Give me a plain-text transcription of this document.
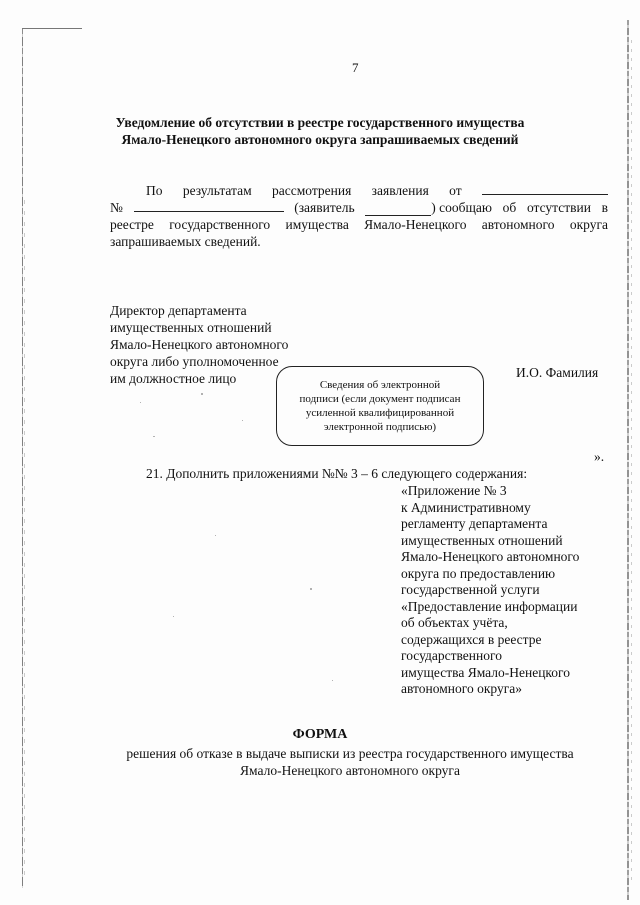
7
Уведомление об отсутствии в реестре государственного имущества
Ямало-Ненецкого автономного округа запрашиваемых сведений
По результатам рассмотрения заявления от
№	(заявитель	) сообщаю об отсутствии в
реестре государственного имущества Ямало-Ненецкого автономного округа
запрашиваемых сведений.
Директор департамента
имущественных отношений
Ямало-Ненецкого автономного
округа либо уполномоченное
им должностное лицо	Сведения об электронной
подписи (если документ подписан
усиленной квалифицированной
электронной подписью)
И.О. Фамилия
».
21. Дополнить приложениями №№ 3 – 6 следующего содержания:
«Приложение № 3
к Административному
регламенту департамента
имущественных отношений
Ямало-Ненецкого автономного
округа по предоставлению
государственной услуги
«Предоставление информации
об объектах учёта,
содержащихся в реестре
государственного
имущества Ямало-Ненецкого
автономного округа»
ФОРМА
решения об отказе в выдаче выписки из реестра государственного имущества
Ямало-Ненецкого автономного округа
